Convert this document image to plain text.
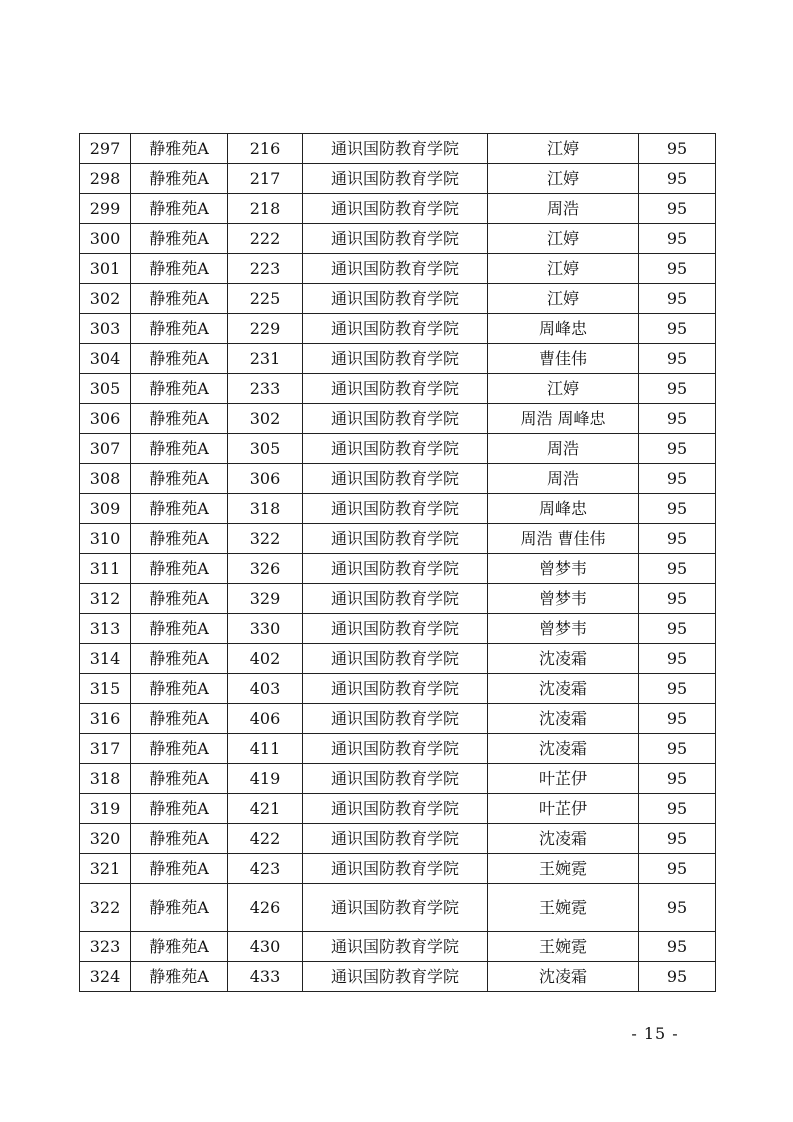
297	静雅苑A	216	通识国防教育学院	江婷	95
298	静雅苑A	217	通识国防教育学院	江婷	95
299	静雅苑A	218	通识国防教育学院	周浩	95
300	静雅苑A	222	通识国防教育学院	江婷	95
301	静雅苑A	223	通识国防教育学院	江婷	95
302	静雅苑A	225	通识国防教育学院	江婷	95
303	静雅苑A	229	通识国防教育学院	周峰忠	95
304	静雅苑A	231	通识国防教育学院	曹佳伟	95
305	静雅苑A	233	通识国防教育学院	江婷	95
306	静雅苑A	302	通识国防教育学院	周浩 周峰忠	95
307	静雅苑A	305	通识国防教育学院	周浩	95
308	静雅苑A	306	通识国防教育学院	周浩	95
309	静雅苑A	318	通识国防教育学院	周峰忠	95
310	静雅苑A	322	通识国防教育学院	周浩 曹佳伟	95
311	静雅苑A	326	通识国防教育学院	曾梦韦	95
312	静雅苑A	329	通识国防教育学院	曾梦韦	95
313	静雅苑A	330	通识国防教育学院	曾梦韦	95
314	静雅苑A	402	通识国防教育学院	沈凌霜	95
315	静雅苑A	403	通识国防教育学院	沈凌霜	95
316	静雅苑A	406	通识国防教育学院	沈凌霜	95
317	静雅苑A	411	通识国防教育学院	沈凌霜	95
318	静雅苑A	419	通识国防教育学院	叶芷伊	95
319	静雅苑A	421	通识国防教育学院	叶芷伊	95
320	静雅苑A	422	通识国防教育学院	沈凌霜	95
321	静雅苑A	423	通识国防教育学院	王婉霓	95
322	静雅苑A	426	通识国防教育学院	王婉霓	95
323	静雅苑A	430	通识国防教育学院	王婉霓	95
324	静雅苑A	433	通识国防教育学院	沈凌霜	95
- 15 -
